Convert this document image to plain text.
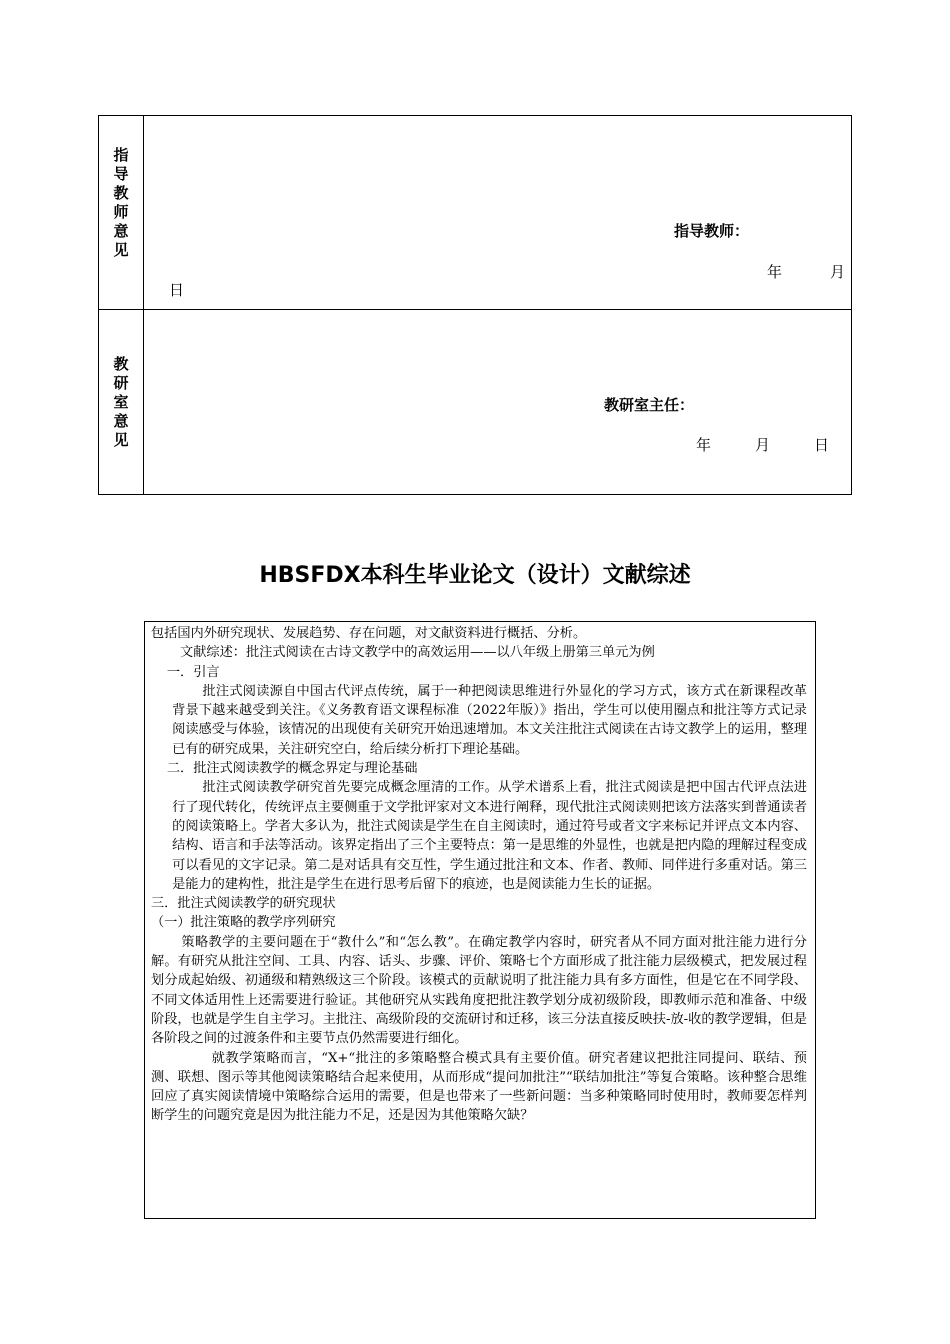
指
导
教
师
意
见
指导教师：
年	月
日
教
研
室
意
见
教研室主任：
年	月	日
HBSFDX本科生毕业论文（设计）文献综述

包括国内外研究现状、发展趋势、存在问题，对文献资料进行概括、分析。

文献综述：批注式阅读在古诗文教学中的高效运用——以八年级上册第三单元为例

一．引言

批注式阅读源自中国古代评点传统，属于一种把阅读思维进行外显化的学习方式，该方式在新课程改革背景下越来越受到关注。《义务教育语文课程标准（2022年版）》指出，学生可以使用圈点和批注等方式记录阅读感受与体验，该情况的出现使有关研究开始迅速增加。本文关注批注式阅读在古诗文教学上的运用，整理已有的研究成果，关注研究空白，给后续分析打下理论基础。

二．批注式阅读教学的概念界定与理论基础

批注式阅读教学研究首先要完成概念厘清的工作。从学术谱系上看，批注式阅读是把中国古代评点法进行了现代转化，传统评点主要侧重于文学批评家对文本进行阐释，现代批注式阅读则把该方法落实到普通读者的阅读策略上。学者大多认为，批注式阅读是学生在自主阅读时，通过符号或者文字来标记并评点文本内容、结构、语言和手法等活动。该界定指出了三个主要特点：第一是思维的外显性，也就是把内隐的理解过程变成可以看见的文字记录。第二是对话具有交互性，学生通过批注和文本、作者、教师、同伴进行多重对话。第三是能力的建构性，批注是学生在进行思考后留下的痕迹，也是阅读能力生长的证据。

三．批注式阅读教学的研究现状

（一）批注策略的教学序列研究

策略教学的主要问题在于“教什么”和“怎么教”。在确定教学内容时，研究者从不同方面对批注能力进行分解。有研究从批注空间、工具、内容、话头、步骤、评价、策略七个方面形成了批注能力层级模式，把发展过程划分成起始级、初通级和精熟级这三个阶段。该模式的贡献说明了批注能力具有多方面性，但是它在不同学段、不同文体适用性上还需要进行验证。其他研究从实践角度把批注教学划分成初级阶段，即教师示范和准备、中级阶段，也就是学生自主学习。主批注、高级阶段的交流研讨和迁移，该三分法直接反映扶-放-收的教学逻辑，但是各阶段之间的过渡条件和主要节点仍然需要进行细化。

就教学策略而言，“X+“批注的多策略整合模式具有主要价值。研究者建议把批注同提问、联结、预测、联想、图示等其他阅读策略结合起来使用，从而形成“提问加批注”“联结加批注”等复合策略。该种整合思维回应了真实阅读情境中策略综合运用的需要，但是也带来了一些新问题：当多种策略同时使用时，教师要怎样判断学生的问题究竟是因为批注能力不足，还是因为其他策略欠缺？
